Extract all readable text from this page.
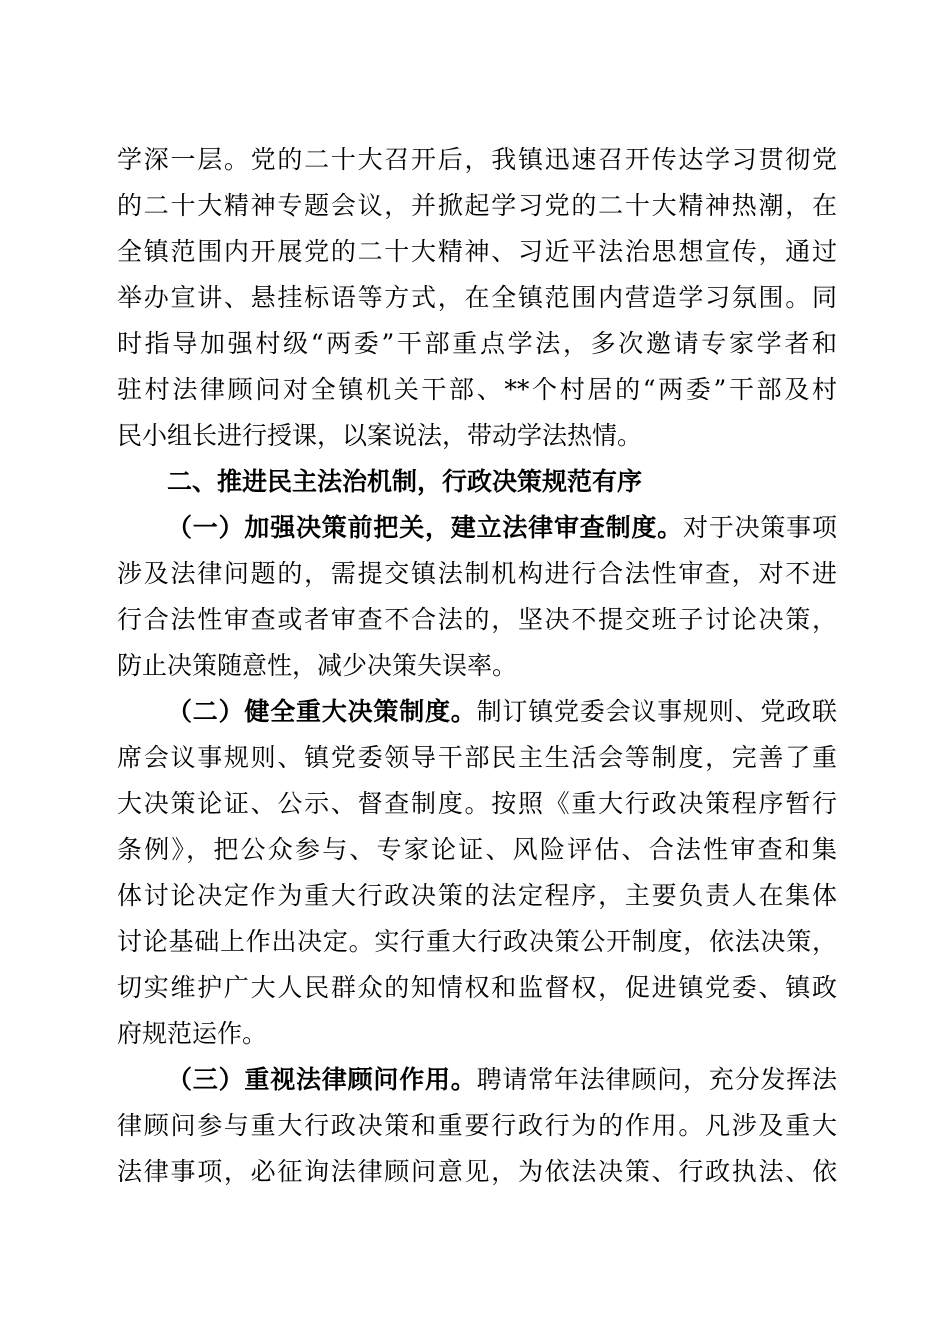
学深一层。党的二十大召开后，我镇迅速召开传达学习贯彻党
的二十大精神专题会议，并掀起学习党的二十大精神热潮，在
全镇范围内开展党的二十大精神、习近平法治思想宣传，通过
举办宣讲、悬挂标语等方式，在全镇范围内营造学习氛围。同
时指导加强村级“两委”干部重点学法，多次邀请专家学者和
驻村法律顾问对全镇机关干部、**个村居的“两委”干部及村
民小组长进行授课，以案说法，带动学法热情。
二、推进民主法治机制，行政决策规范有序
（一）加强决策前把关，建立法律审查制度。对于决策事项
涉及法律问题的，需提交镇法制机构进行合法性审查，对不进
行合法性审查或者审查不合法的，坚决不提交班子讨论决策，
防止决策随意性，减少决策失误率。
（二）健全重大决策制度。制订镇党委会议事规则、党政联
席会议事规则、镇党委领导干部民主生活会等制度，完善了重
大决策论证、公示、督查制度。按照《重大行政决策程序暂行
条例》，把公众参与、专家论证、风险评估、合法性审查和集
体讨论决定作为重大行政决策的法定程序，主要负责人在集体
讨论基础上作出决定。实行重大行政决策公开制度，依法决策，
切实维护广大人民群众的知情权和监督权，促进镇党委、镇政
府规范运作。
（三）重视法律顾问作用。聘请常年法律顾问，充分发挥法
律顾问参与重大行政决策和重要行政行为的作用。凡涉及重大
法律事项，必征询法律顾问意见，为依法决策、行政执法、依
